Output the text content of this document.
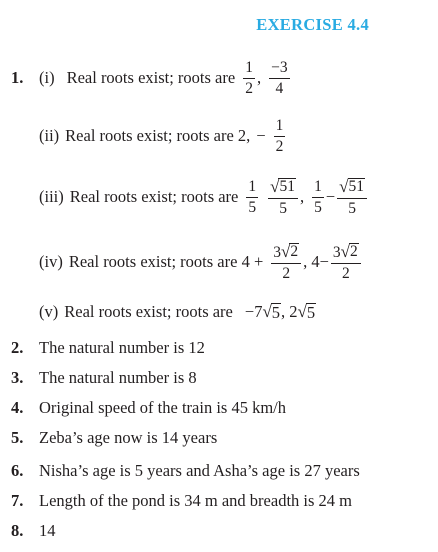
EXERCISE 4.4
1. (i) Real roots exist; roots are $\frac{1}{2}$ , $\frac{-3}{4}$
(ii) Real roots exist; roots are 2, − $\frac{1}{2}$
(iii) Real roots exist; roots are $\frac{1}{5} \frac{√ 51}{5}$ , $\frac{1}{5} - \frac{√ 51}{5}$
(iv) Real roots exist; roots are $4 + \frac{3 √ 2}{2}$ , $4- \frac{3 √ 2}{2}$
(v) Real roots exist; roots are −7 √ 5 , 2 √ 5
2. The natural number is 12
3. The natural number is 8
4. Original speed of the train is 45 km/h
5. Zeba’s age now is 14 years
6. Nisha’s age is 5 years and Asha’s age is 27 years
7. Length of the pond is 34 m and breadth is 24 m
8. 14
